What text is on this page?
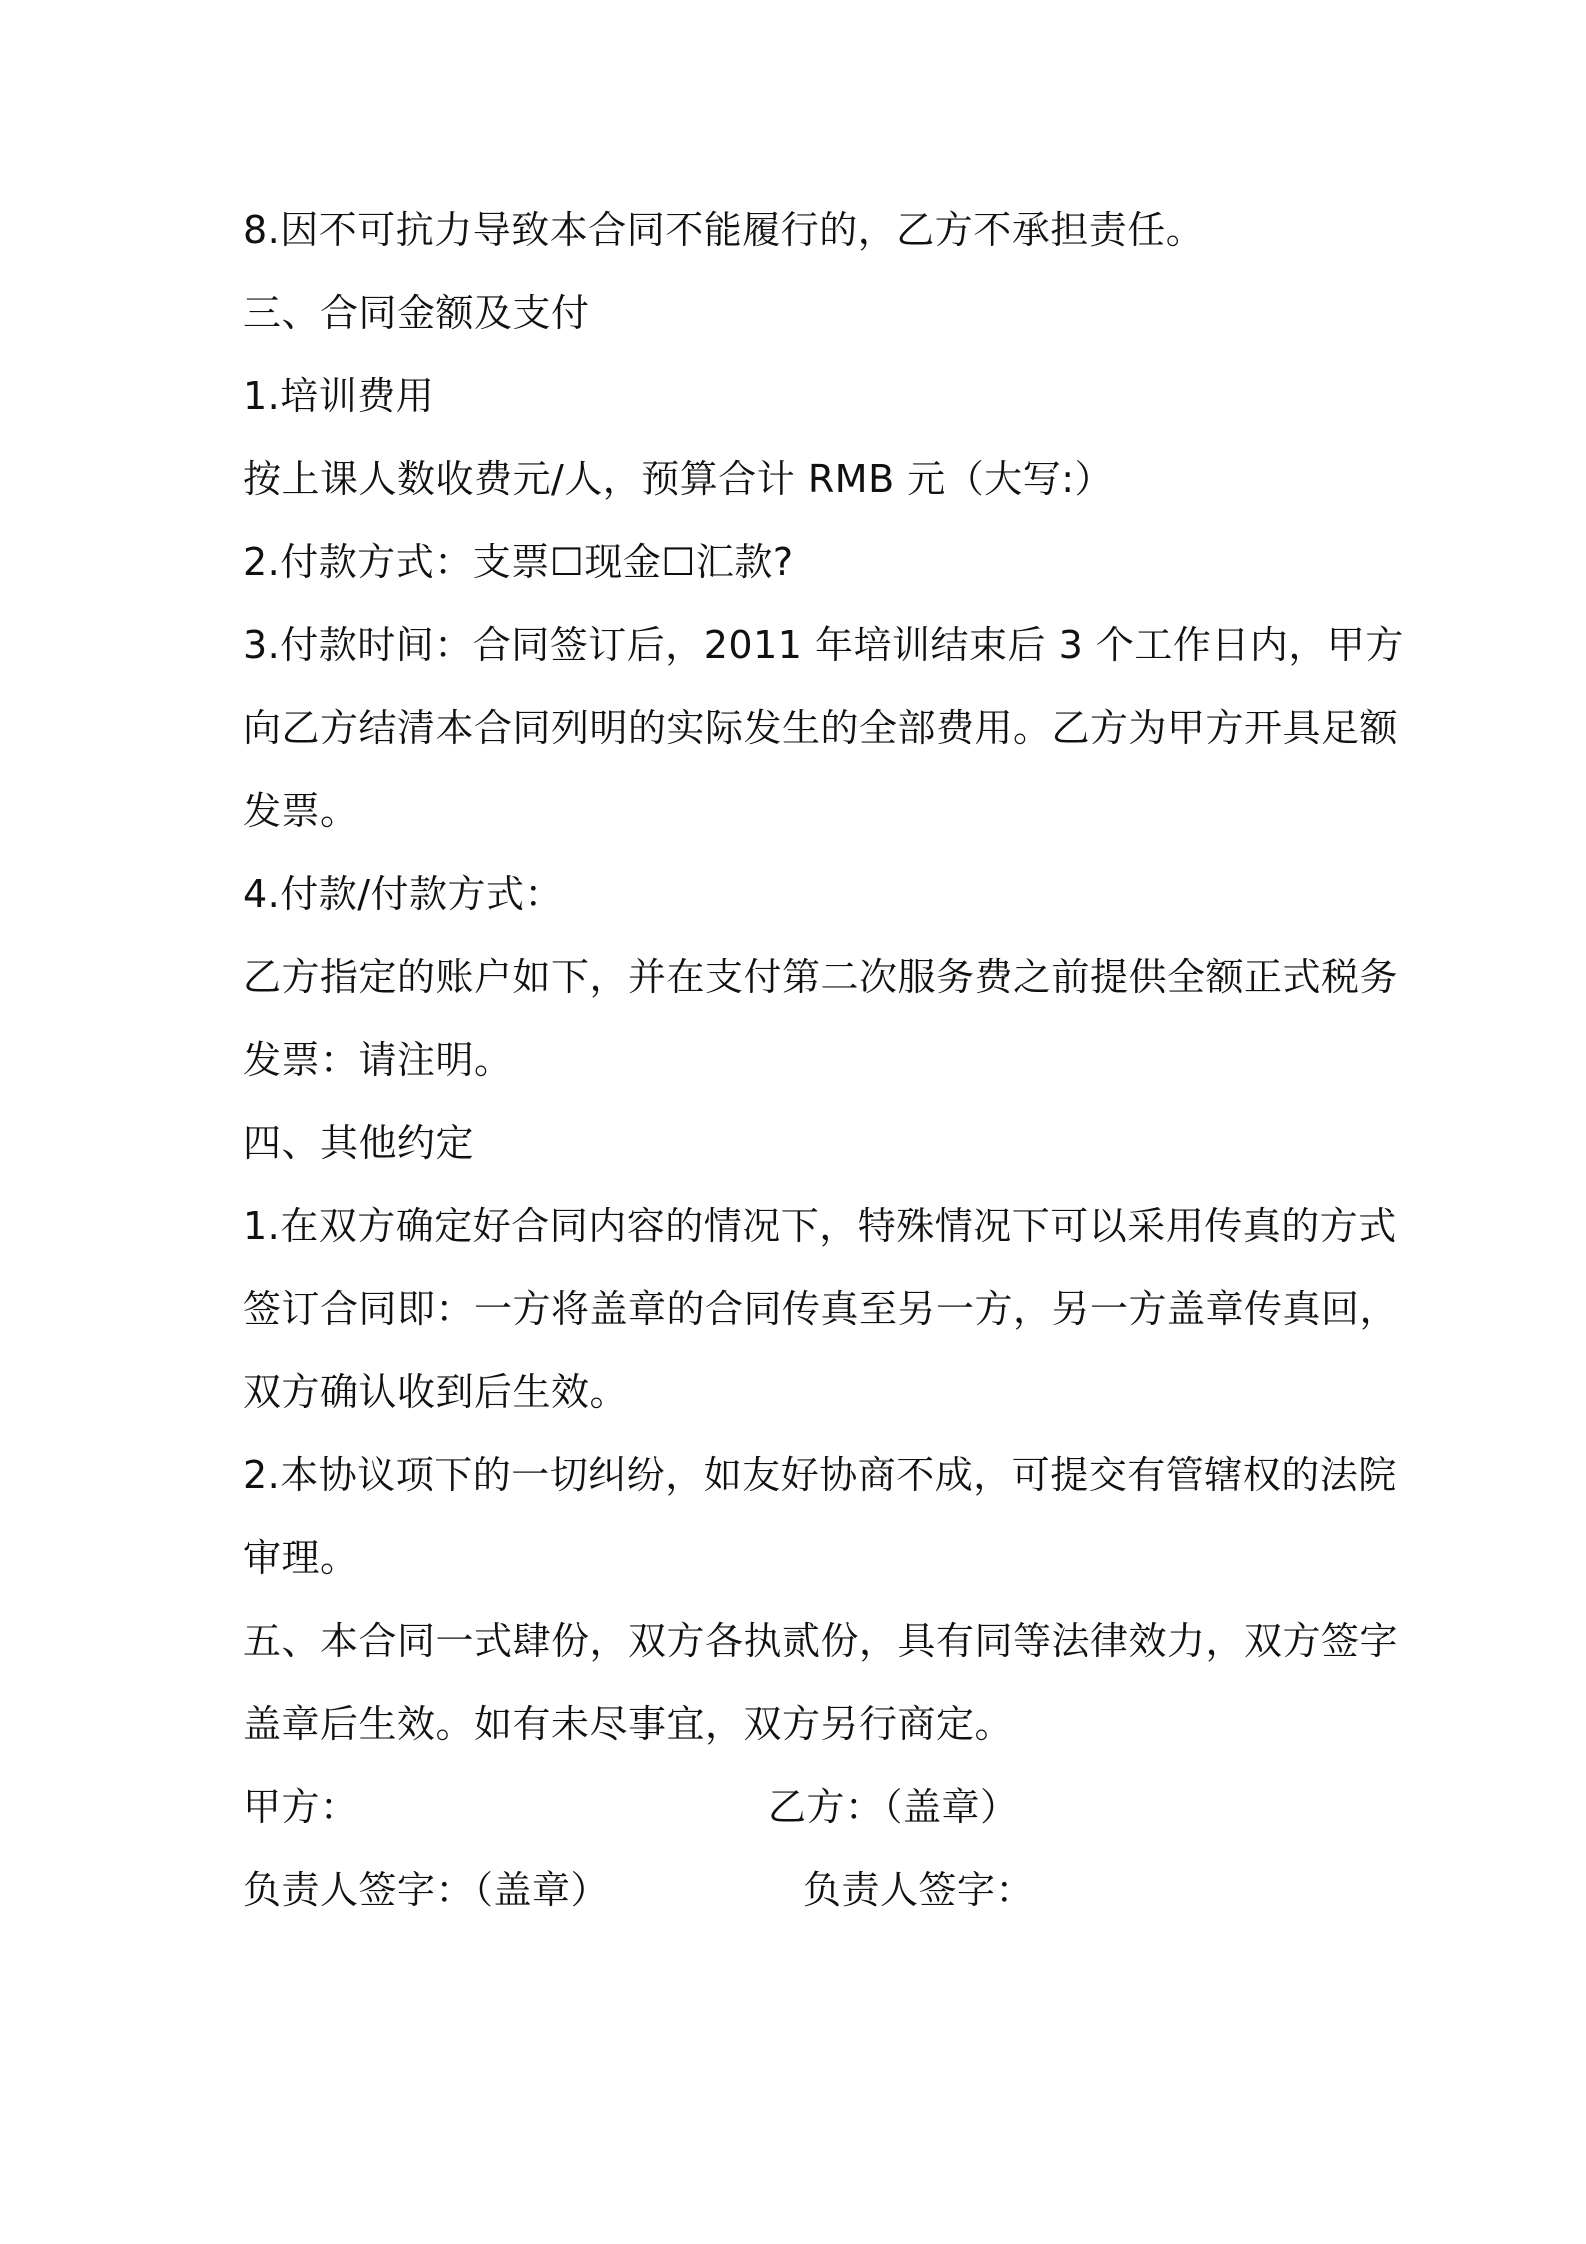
8.因不可抗力导致本合同不能履行的，乙方不承担责任。
三、合同金额及支付
1.培训费用
按上课人数收费元/人，预算合计 RMB 元（大写:）
2.付款方式：支票☐现金☐汇款?
3.付款时间：合同签订后，2011 年培训结束后 3 个工作日内，甲方
向乙方结清本合同列明的实际发生的全部费用。乙方为甲方开具足额
发票。
4.付款/付款方式：
乙方指定的账户如下，并在支付第二次服务费之前提供全额正式税务
发票：请注明。
四、其他约定
1.在双方确定好合同内容的情况下，特殊情况下可以采用传真的方式
签订合同即：一方将盖章的合同传真至另一方，另一方盖章传真回，
双方确认收到后生效。
2.本协议项下的一切纠纷，如友好协商不成，可提交有管辖权的法院
审理。
五、本合同一式肆份，双方各执贰份，具有同等法律效力，双方签字
盖章后生效。如有未尽事宜，双方另行商定。
甲方：	乙方：（盖章）
负责人签字：（盖章）	负责人签字：
